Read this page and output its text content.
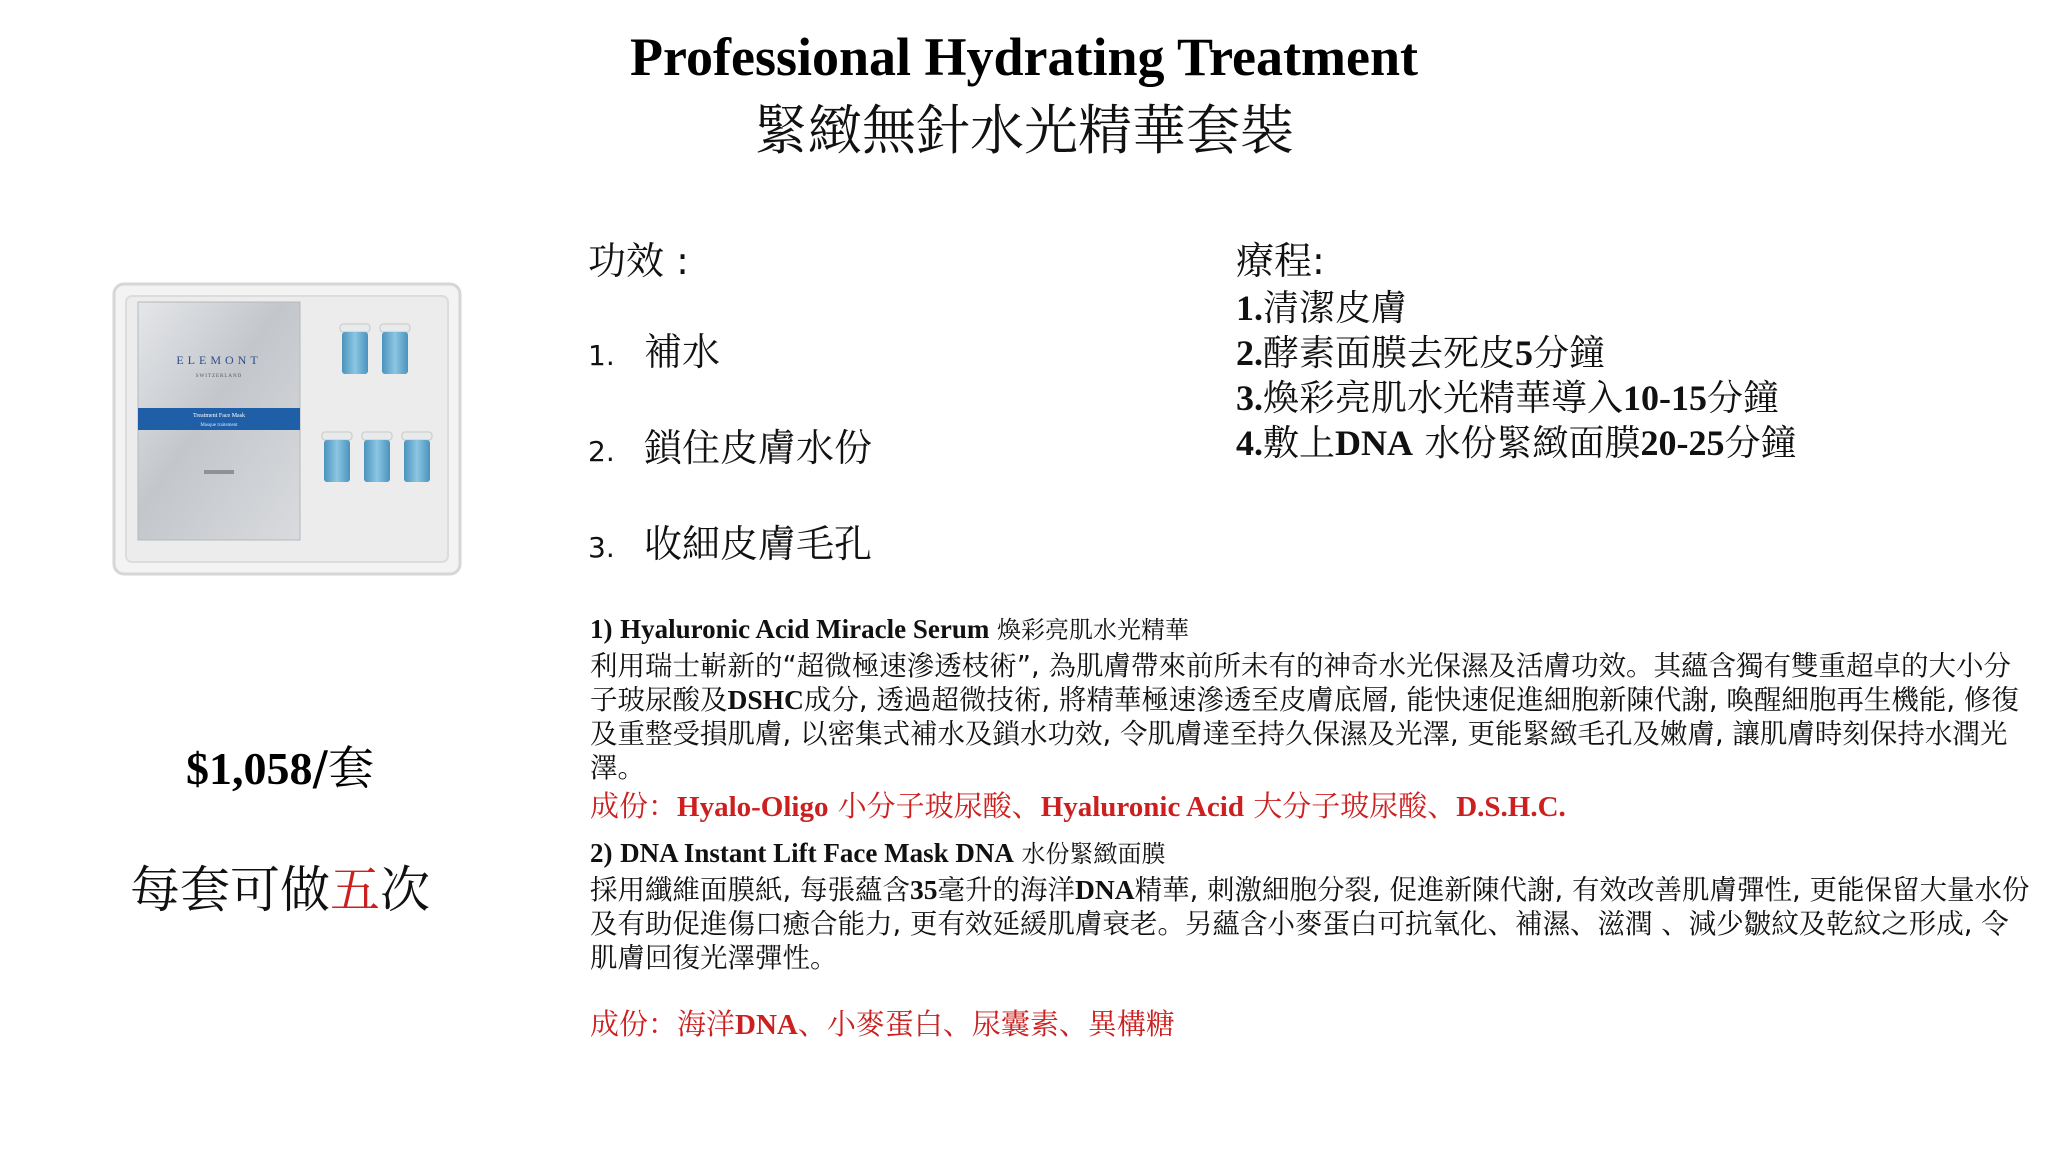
Professional Hydrating Treatment
緊緻無針水光精華套裝
ELEMONT
SWITZERLAND
Treatment Face Mask
Masque traitement
$1,058/套
每套可做五次
功效 :
1. 補水
2. 鎖住皮膚水份
3. 收細皮膚毛孔
療程:
1.清潔皮膚
2.酵素面膜去死皮5分鐘
3.煥彩亮肌水光精華導入10-15分鐘
4.敷上DNA 水份緊緻面膜20-25分鐘
1) Hyaluronic Acid Miracle Serum 煥彩亮肌水光精華
利用瑞士嶄新的“超微極速滲透枝術”, 為肌膚帶來前所未有的神奇水光保濕及活膚功效。其蘊含獨有雙重超卓的大小分子玻尿酸及DSHC成分, 透過超微技術, 將精華極速滲透至皮膚底層, 能快速促進細胞新陳代謝, 喚醒細胞再生機能, 修復及重整受損肌膚, 以密集式補水及鎖水功效, 令肌膚達至持久保濕及光澤, 更能緊緻毛孔及嫩膚, 讓肌膚時刻保持水潤光澤。
成份：Hyalo-Oligo 小分子玻尿酸、Hyaluronic Acid 大分子玻尿酸、D.S.H.C.
2) DNA Instant Lift Face Mask DNA 水份緊緻面膜
採用纖維面膜紙, 每張蘊含35毫升的海洋DNA精華, 刺激細胞分裂, 促進新陳代謝, 有效改善肌膚彈性, 更能保留大量水份及有助促進傷口癒合能力, 更有效延緩肌膚衰老。另蘊含小麥蛋白可抗氧化、補濕、滋潤 、減少皺紋及乾紋之形成, 令肌膚回復光澤彈性。
成份：海洋DNA、小麥蛋白、尿囊素、異構糖
